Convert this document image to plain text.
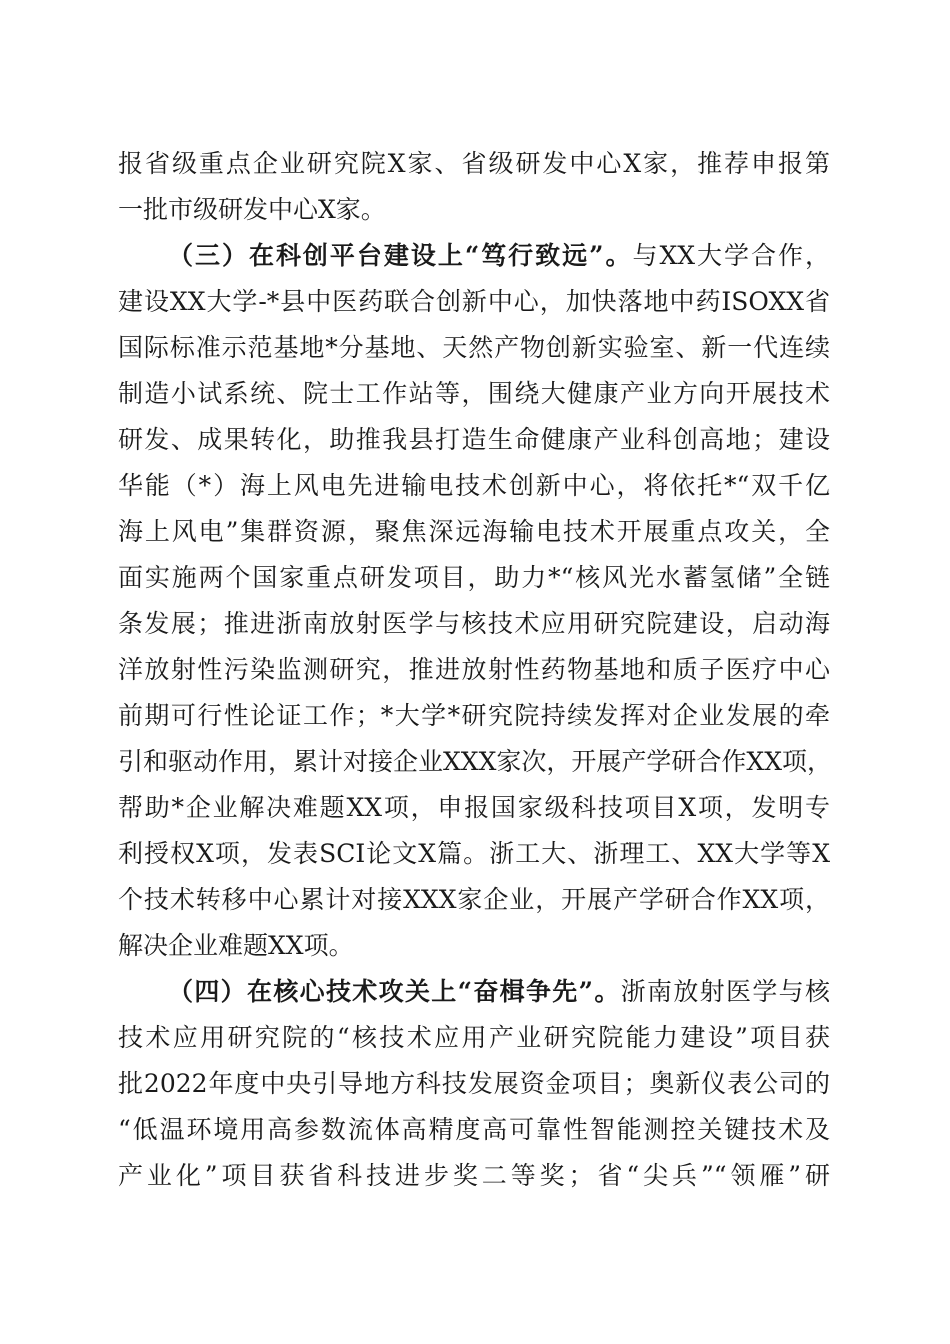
报省级重点企业研究院X家、省级研发中心X家，推荐申报第
一批市级研发中心X家。
（三）在科创平台建设上“笃行致远”。与XX大学合作，
建设XX大学-*县中医药联合创新中心，加快落地中药ISOXX省
国际标准示范基地*分基地、天然产物创新实验室、新一代连续
制造小试系统、院士工作站等，围绕大健康产业方向开展技术
研发、成果转化，助推我县打造生命健康产业科创高地；建设
华能（*）海上风电先进输电技术创新中心，将依托*“双千亿
海上风电”集群资源，聚焦深远海输电技术开展重点攻关，全
面实施两个国家重点研发项目，助力*“核风光水蓄氢储”全链
条发展；推进浙南放射医学与核技术应用研究院建设，启动海
洋放射性污染监测研究，推进放射性药物基地和质子医疗中心
前期可行性论证工作；*大学*研究院持续发挥对企业发展的牵
引和驱动作用，累计对接企业XXX家次，开展产学研合作XX项，
帮助*企业解决难题XX项，申报国家级科技项目X项，发明专
利授权X项，发表SCI论文X篇。浙工大、浙理工、XX大学等X
个技术转移中心累计对接XXX家企业，开展产学研合作XX项，
解决企业难题XX项。
（四）在核心技术攻关上“奋楫争先”。浙南放射医学与核
技术应用研究院的“核技术应用产业研究院能力建设”项目获
批2022年度中央引导地方科技发展资金项目；奥新仪表公司的
“低温环境用高参数流体高精度高可靠性智能测控关键技术及
产业化”项目获省科技进步奖二等奖；省“尖兵”“领雁”研
